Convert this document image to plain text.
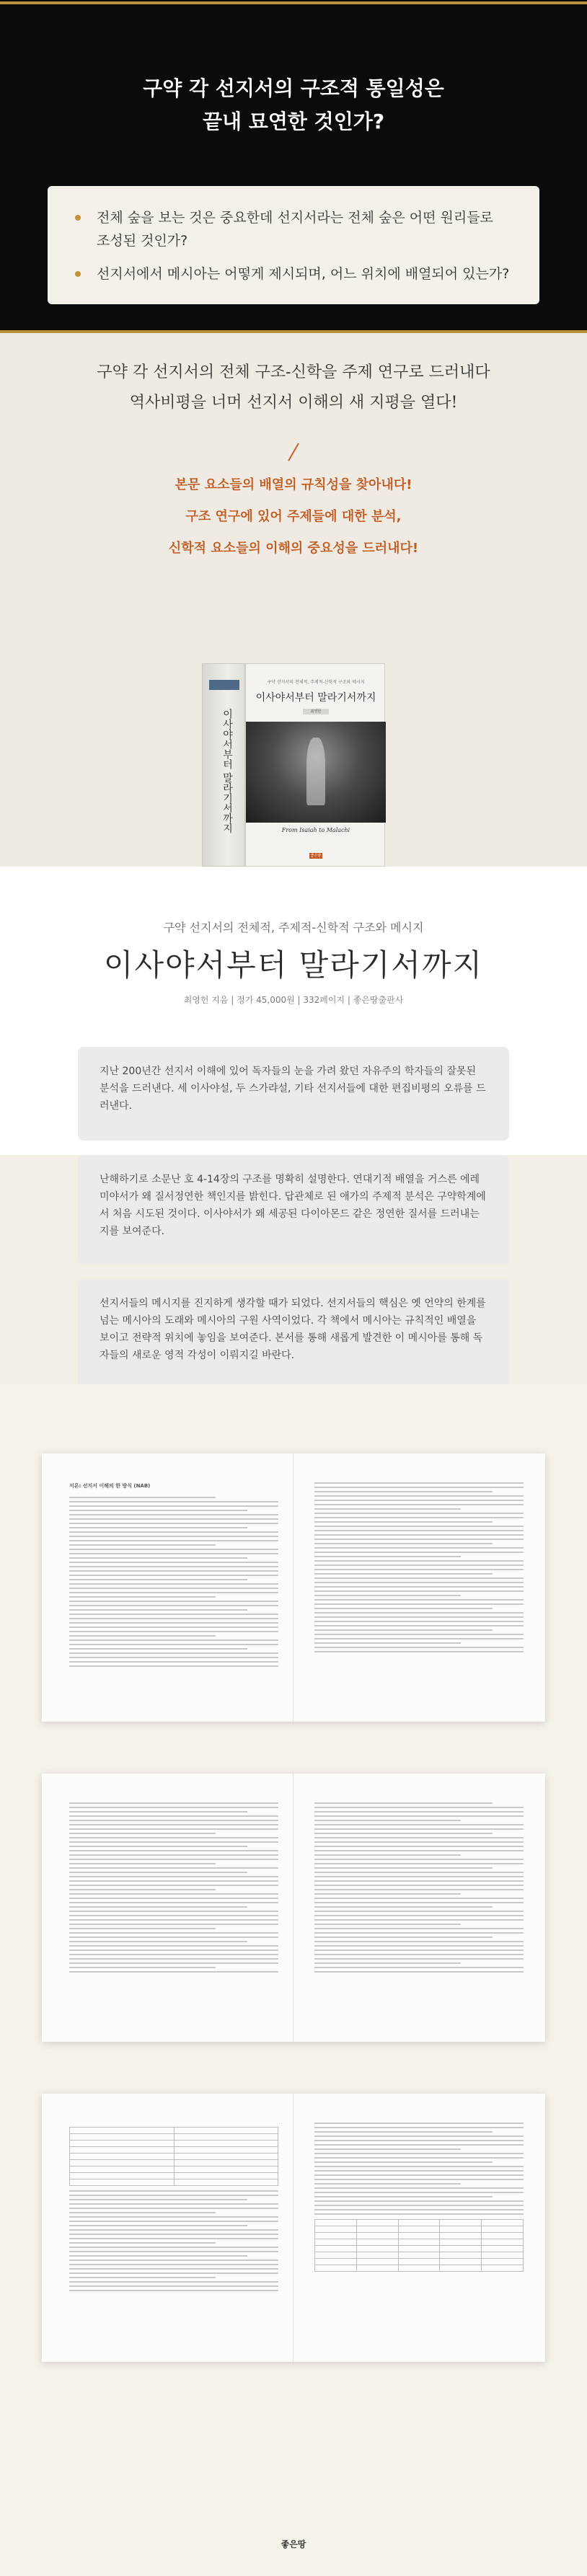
구약 각 선지서의 구조적 통일성은
끝내 묘연한 것인가?
전체 숲을 보는 것은 중요한데 선지서라는 전체 숲은 어떤 원리들로 조성된 것인가?
선지서에서 메시아는 어떻게 제시되며, 어느 위치에 배열되어 있는가?
구약 각 선지서의 전체 구조-신학을 주제 연구로 드러내다
역사비평을 너머 선지서 이해의 새 지평을 열다!
본문 요소들의 배열의 규칙성을 찾아내다!
구조 연구에 있어 주제들에 대한 분석,
신학적 요소들의 이해의 중요성을 드러내다!
이사야서부터 말라기서까지
구약 선지서의 전체적, 주제적-신학적 구조와 메시지
이사야서부터 말라기서까지
최영헌
From Isaiah to Malachi
좋은땅
구약 선지서의 전체적, 주제적-신학적 구조와 메시지
이사야서부터 말라기서까지
최영헌 지음 | 정가 45,000원 | 332페이지 | 좋은땅출판사

지난 200년간 선지서 이해에 있어 독자들의 눈을 가려 왔던 자유주의 학자들의 잘못된 분석을 드러낸다. 세 이사야설, 두 스가랴설, 기타 선지서들에 대한 편집비평의 오류를 드러낸다.

난해하기로 소문난 호 4-14장의 구조를 명확히 설명한다. 연대기적 배열을 거스른 에레미야서가 왜 질서정연한 책인지를 밝힌다. 답관체로 된 애가의 주제적 분석은 구약학계에서 처음 시도된 것이다. 이사야서가 왜 세공된 다이아몬드 같은 정연한 질서를 드러내는지를 보여준다.

선지서들의 메시지를 진지하게 생각할 때가 되었다. 선지서들의 핵심은 옛 언약의 한계를 넘는 메시아의 도래와 메시아의 구원 사역이었다. 각 책에서 메시아는 규칙적인 배열을 보이고 전략적 위치에 놓임을 보여준다. 본서를 통해 새롭게 발견한 이 메시아를 통해 독자들의 새로운 영적 각성이 이뤄지길 바란다.

서론: 선지서 이해의 한 방식 (NAB)

좋은땅
